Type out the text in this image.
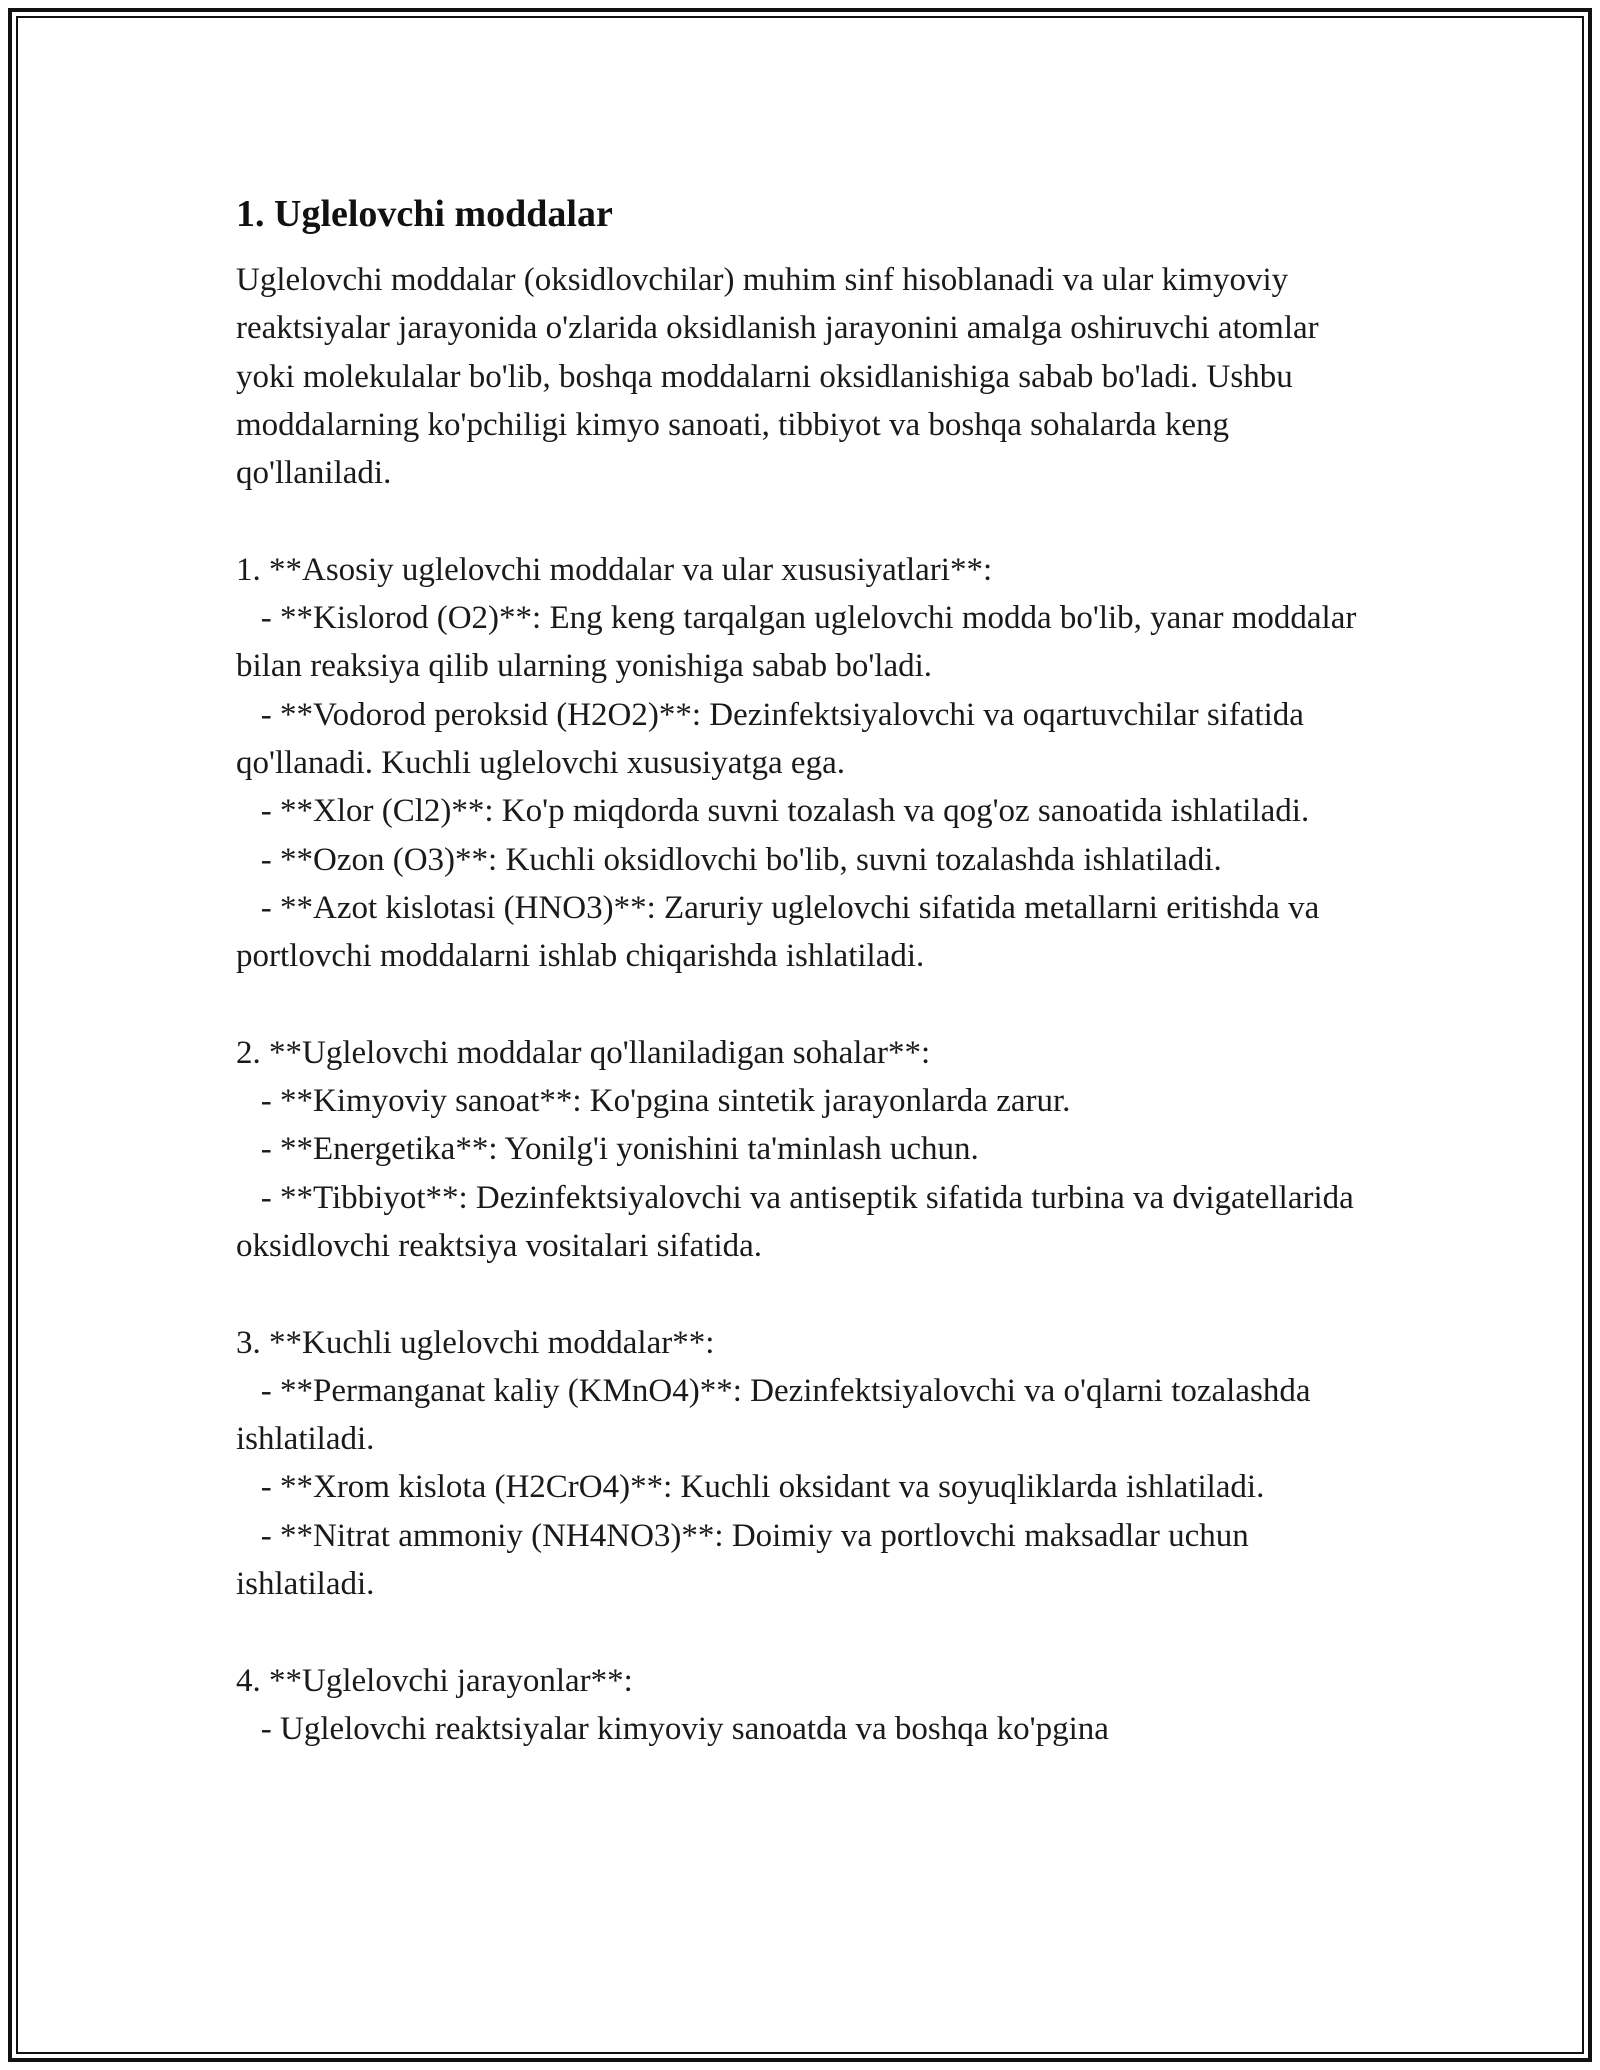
1. Uglelovchi moddalar

Uglelovchi moddalar (oksidlovchilar) muhim sinf hisoblanadi va ular kimyoviy reaktsiyalar jarayonida o'zlarida oksidlanish jarayonini amalga oshiruvchi atomlar yoki molekulalar bo'lib, boshqa moddalarni oksidlanishiga sabab bo'ladi. Ushbu moddalarning ko'pchiligi kimyo sanoati, tibbiyot va boshqa sohalarda keng qo'llaniladi.

1. **Asosiy uglelovchi moddalar va ular xususiyatlari**:

- **Kislorod (O2)**: Eng keng tarqalgan uglelovchi modda bo'lib, yanar moddalar bilan reaksiya qilib ularning yonishiga sabab bo'ladi.

- **Vodorod peroksid (H2O2)**: Dezinfektsiyalovchi va oqartuvchilar sifatida qo'llanadi. Kuchli uglelovchi xususiyatga ega.

- **Xlor (Cl2)**: Ko'p miqdorda suvni tozalash va qog'oz sanoatida ishlatiladi.

- **Ozon (O3)**: Kuchli oksidlovchi bo'lib, suvni tozalashda ishlatiladi.

- **Azot kislotasi (HNO3)**: Zaruriy uglelovchi sifatida metallarni eritishda va portlovchi moddalarni ishlab chiqarishda ishlatiladi.

2. **Uglelovchi moddalar qo'llaniladigan sohalar**:

- **Kimyoviy sanoat**: Ko'pgina sintetik jarayonlarda zarur.

- **Energetika**: Yonilg'i yonishini ta'minlash uchun.

- **Tibbiyot**: Dezinfektsiyalovchi va antiseptik sifatida turbina va dvigatellarida oksidlovchi reaktsiya vositalari sifatida.

3. **Kuchli uglelovchi moddalar**:

- **Permanganat kaliy (KMnO4)**: Dezinfektsiyalovchi va o'qlarni tozalashda ishlatiladi.

- **Xrom kislota (H2CrO4)**: Kuchli oksidant va soyuqliklarda ishlatiladi.

- **Nitrat ammoniy (NH4NO3)**: Doimiy va portlovchi maksadlar uchun ishlatiladi.

4. **Uglelovchi jarayonlar**:

- Uglelovchi reaktsiyalar kimyoviy sanoatda va boshqa ko'pgina
